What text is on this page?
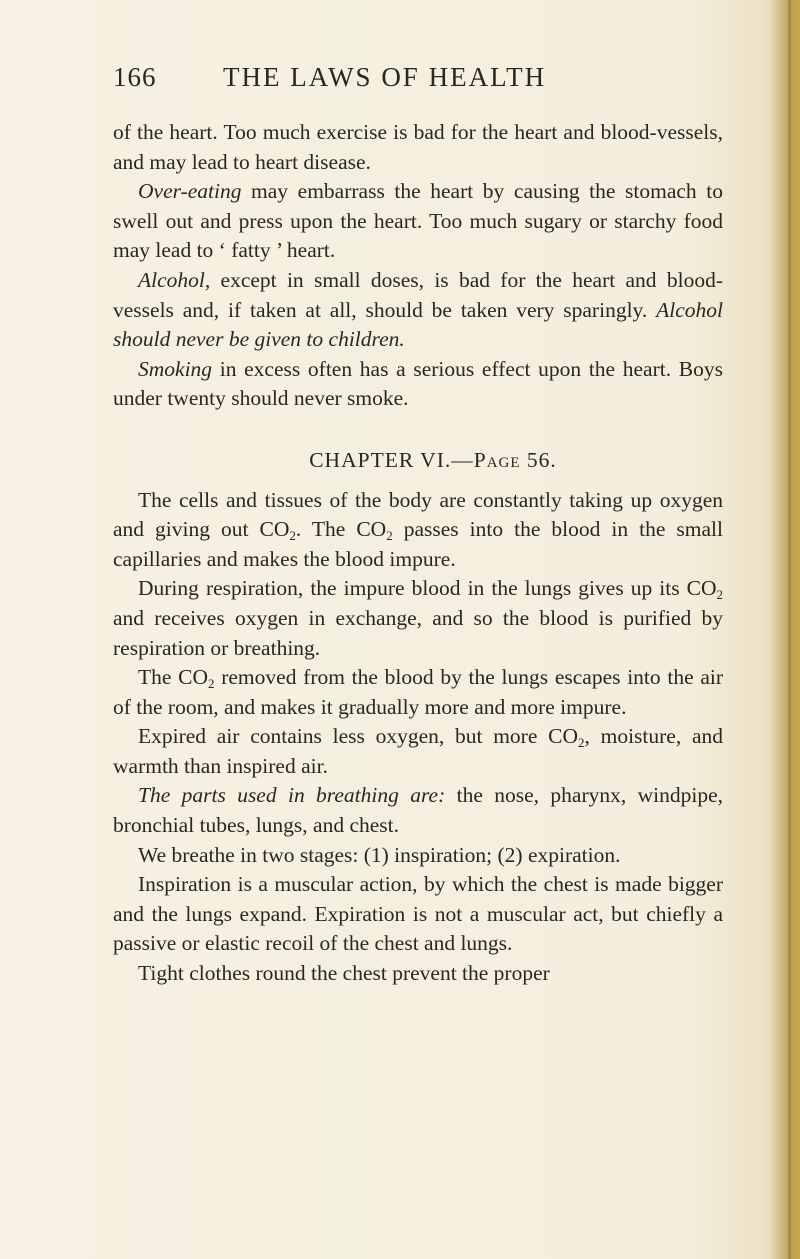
166 THE LAWS OF HEALTH

of the heart. Too much exercise is bad for the heart and blood-vessels, and may lead to heart disease.

Over-eating may embarrass the heart by causing the stomach to swell out and press upon the heart. Too much sugary or starchy food may lead to ‘ fatty ’ heart.

Alcohol, except in small doses, is bad for the heart and blood-vessels and, if taken at all, should be taken very sparingly. Alcohol should never be given to children.

Smoking in excess often has a serious effect upon the heart. Boys under twenty should never smoke.

CHAPTER VI.—Page 56.

The cells and tissues of the body are constantly taking up oxygen and giving out $CO_2$. The $CO_2$ passes into the blood in the small capillaries and makes the blood impure.

During respiration, the impure blood in the lungs gives up its $CO_2$ and receives oxygen in exchange, and so the blood is purified by respiration or breathing.

The $CO_2$ removed from the blood by the lungs escapes into the air of the room, and makes it gradually more and more impure.

Expired air contains less oxygen, but more $CO_2$, moisture, and warmth than inspired air.

The parts used in breathing are: the nose, pharynx, windpipe, bronchial tubes, lungs, and chest.

We breathe in two stages: (1) inspiration; (2) expiration.

Inspiration is a muscular action, by which the chest is made bigger and the lungs expand. Expiration is not a muscular act, but chiefly a passive or elastic recoil of the chest and lungs.

Tight clothes round the chest prevent the proper
